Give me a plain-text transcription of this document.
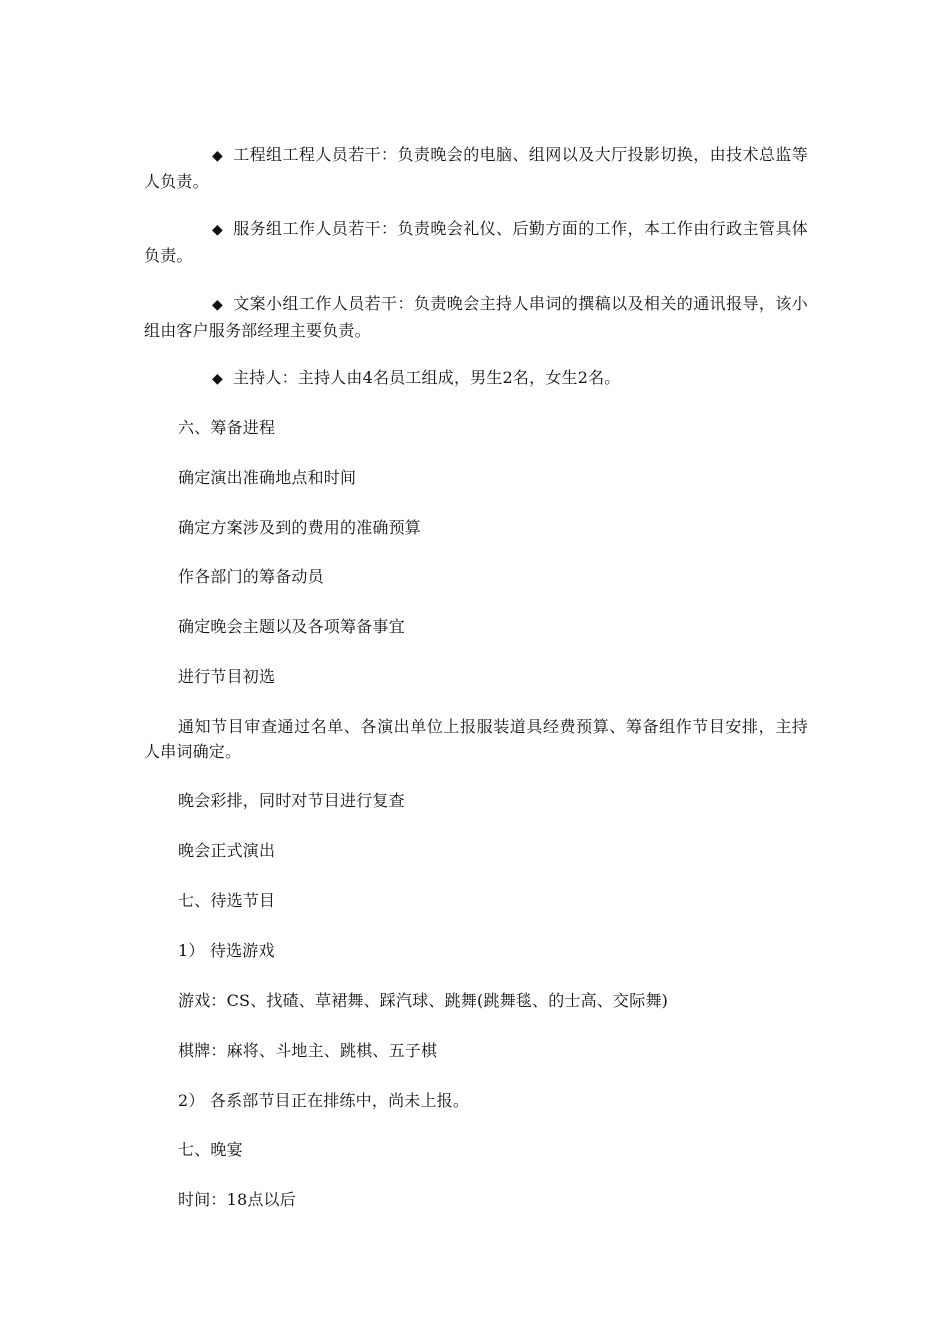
◆ 工程组工程人员若干：负责晚会的电脑、组网以及大厅投影切换，由技术总监等人负责。

◆ 服务组工作人员若干：负责晚会礼仪、后勤方面的工作，本工作由行政主管具体负责。

◆ 文案小组工作人员若干：负责晚会主持人串词的撰稿以及相关的通讯报导，该小组由客户服务部经理主要负责。

◆ 主持人：主持人由4名员工组成，男生2名，女生2名。

六、筹备进程

确定演出准确地点和时间

确定方案涉及到的费用的准确预算

作各部门的筹备动员

确定晚会主题以及各项筹备事宜

进行节目初选

通知节目审查通过名单、各演出单位上报服装道具经费预算、筹备组作节目安排，主持人串词确定。

晚会彩排，同时对节目进行复查

晚会正式演出

七、待选节目

1） 待选游戏

游戏：CS、找碴、草裙舞、踩汽球、跳舞(跳舞毯、的士高、交际舞)

棋牌：麻将、斗地主、跳棋、五子棋

2） 各系部节目正在排练中，尚未上报。

七、晚宴

时间：18点以后
